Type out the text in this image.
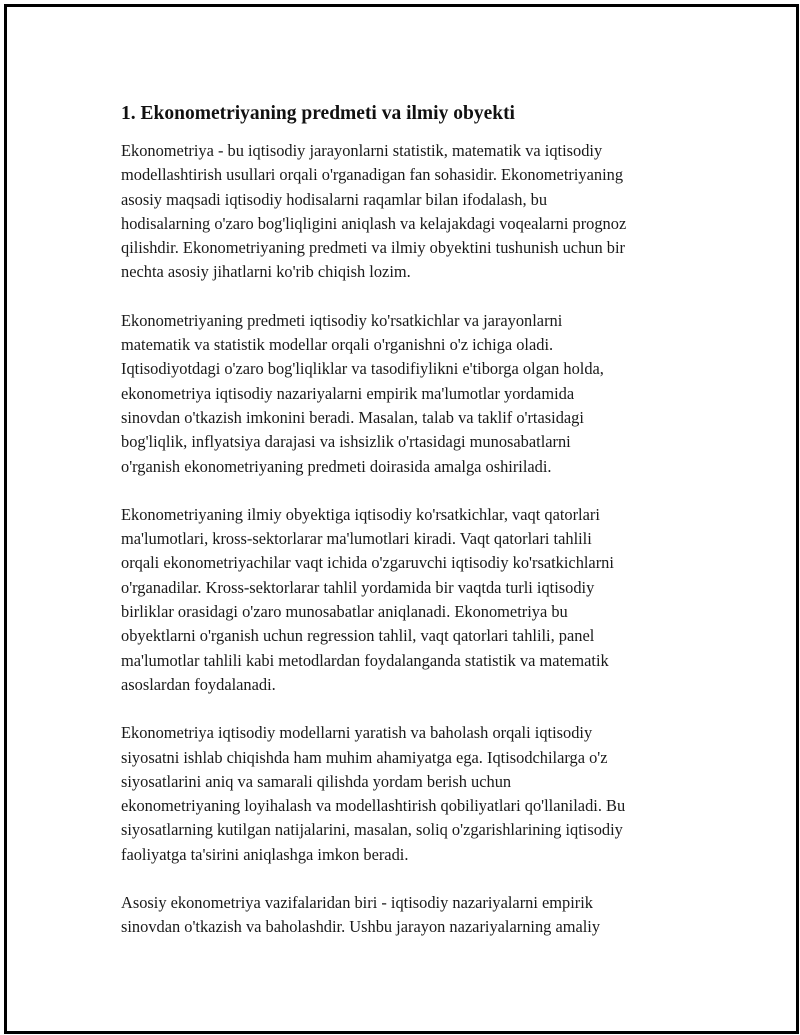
1. Ekonometriyaning predmeti va ilmiy obyekti

Ekonometriya - bu iqtisodiy jarayonlarni statistik, matematik va iqtisodiy
modellashtirish usullari orqali o'rganadigan fan sohasidir. Ekonometriyaning
asosiy maqsadi iqtisodiy hodisalarni raqamlar bilan ifodalash, bu
hodisalarning o'zaro bog'liqligini aniqlash va kelajakdagi voqealarni prognoz
qilishdir. Ekonometriyaning predmeti va ilmiy obyektini tushunish uchun bir
nechta asosiy jihatlarni ko'rib chiqish lozim.

Ekonometriyaning predmeti iqtisodiy ko'rsatkichlar va jarayonlarni
matematik va statistik modellar orqali o'rganishni o'z ichiga oladi.
Iqtisodiyotdagi o'zaro bog'liqliklar va tasodifiylikni e'tiborga olgan holda,
ekonometriya iqtisodiy nazariyalarni empirik ma'lumotlar yordamida
sinovdan o'tkazish imkonini beradi. Masalan, talab va taklif o'rtasidagi
bog'liqlik, inflyatsiya darajasi va ishsizlik o'rtasidagi munosabatlarni
o'rganish ekonometriyaning predmeti doirasida amalga oshiriladi.

Ekonometriyaning ilmiy obyektiga iqtisodiy ko'rsatkichlar, vaqt qatorlari
ma'lumotlari, kross-sektorlarar ma'lumotlari kiradi. Vaqt qatorlari tahlili
orqali ekonometriyachilar vaqt ichida o'zgaruvchi iqtisodiy ko'rsatkichlarni
o'rganadilar. Kross-sektorlarar tahlil yordamida bir vaqtda turli iqtisodiy
birliklar orasidagi o'zaro munosabatlar aniqlanadi. Ekonometriya bu
obyektlarni o'rganish uchun regression tahlil, vaqt qatorlari tahlili, panel
ma'lumotlar tahlili kabi metodlardan foydalanganda statistik va matematik
asoslardan foydalanadi.

Ekonometriya iqtisodiy modellarni yaratish va baholash orqali iqtisodiy
siyosatni ishlab chiqishda ham muhim ahamiyatga ega. Iqtisodchilarga o'z
siyosatlarini aniq va samarali qilishda yordam berish uchun
ekonometriyaning loyihalash va modellashtirish qobiliyatlari qo'llaniladi. Bu
siyosatlarning kutilgan natijalarini, masalan, soliq o'zgarishlarining iqtisodiy
faoliyatga ta'sirini aniqlashga imkon beradi.

Asosiy ekonometriya vazifalaridan biri - iqtisodiy nazariyalarni empirik
sinovdan o'tkazish va baholashdir. Ushbu jarayon nazariyalarning amaliy
